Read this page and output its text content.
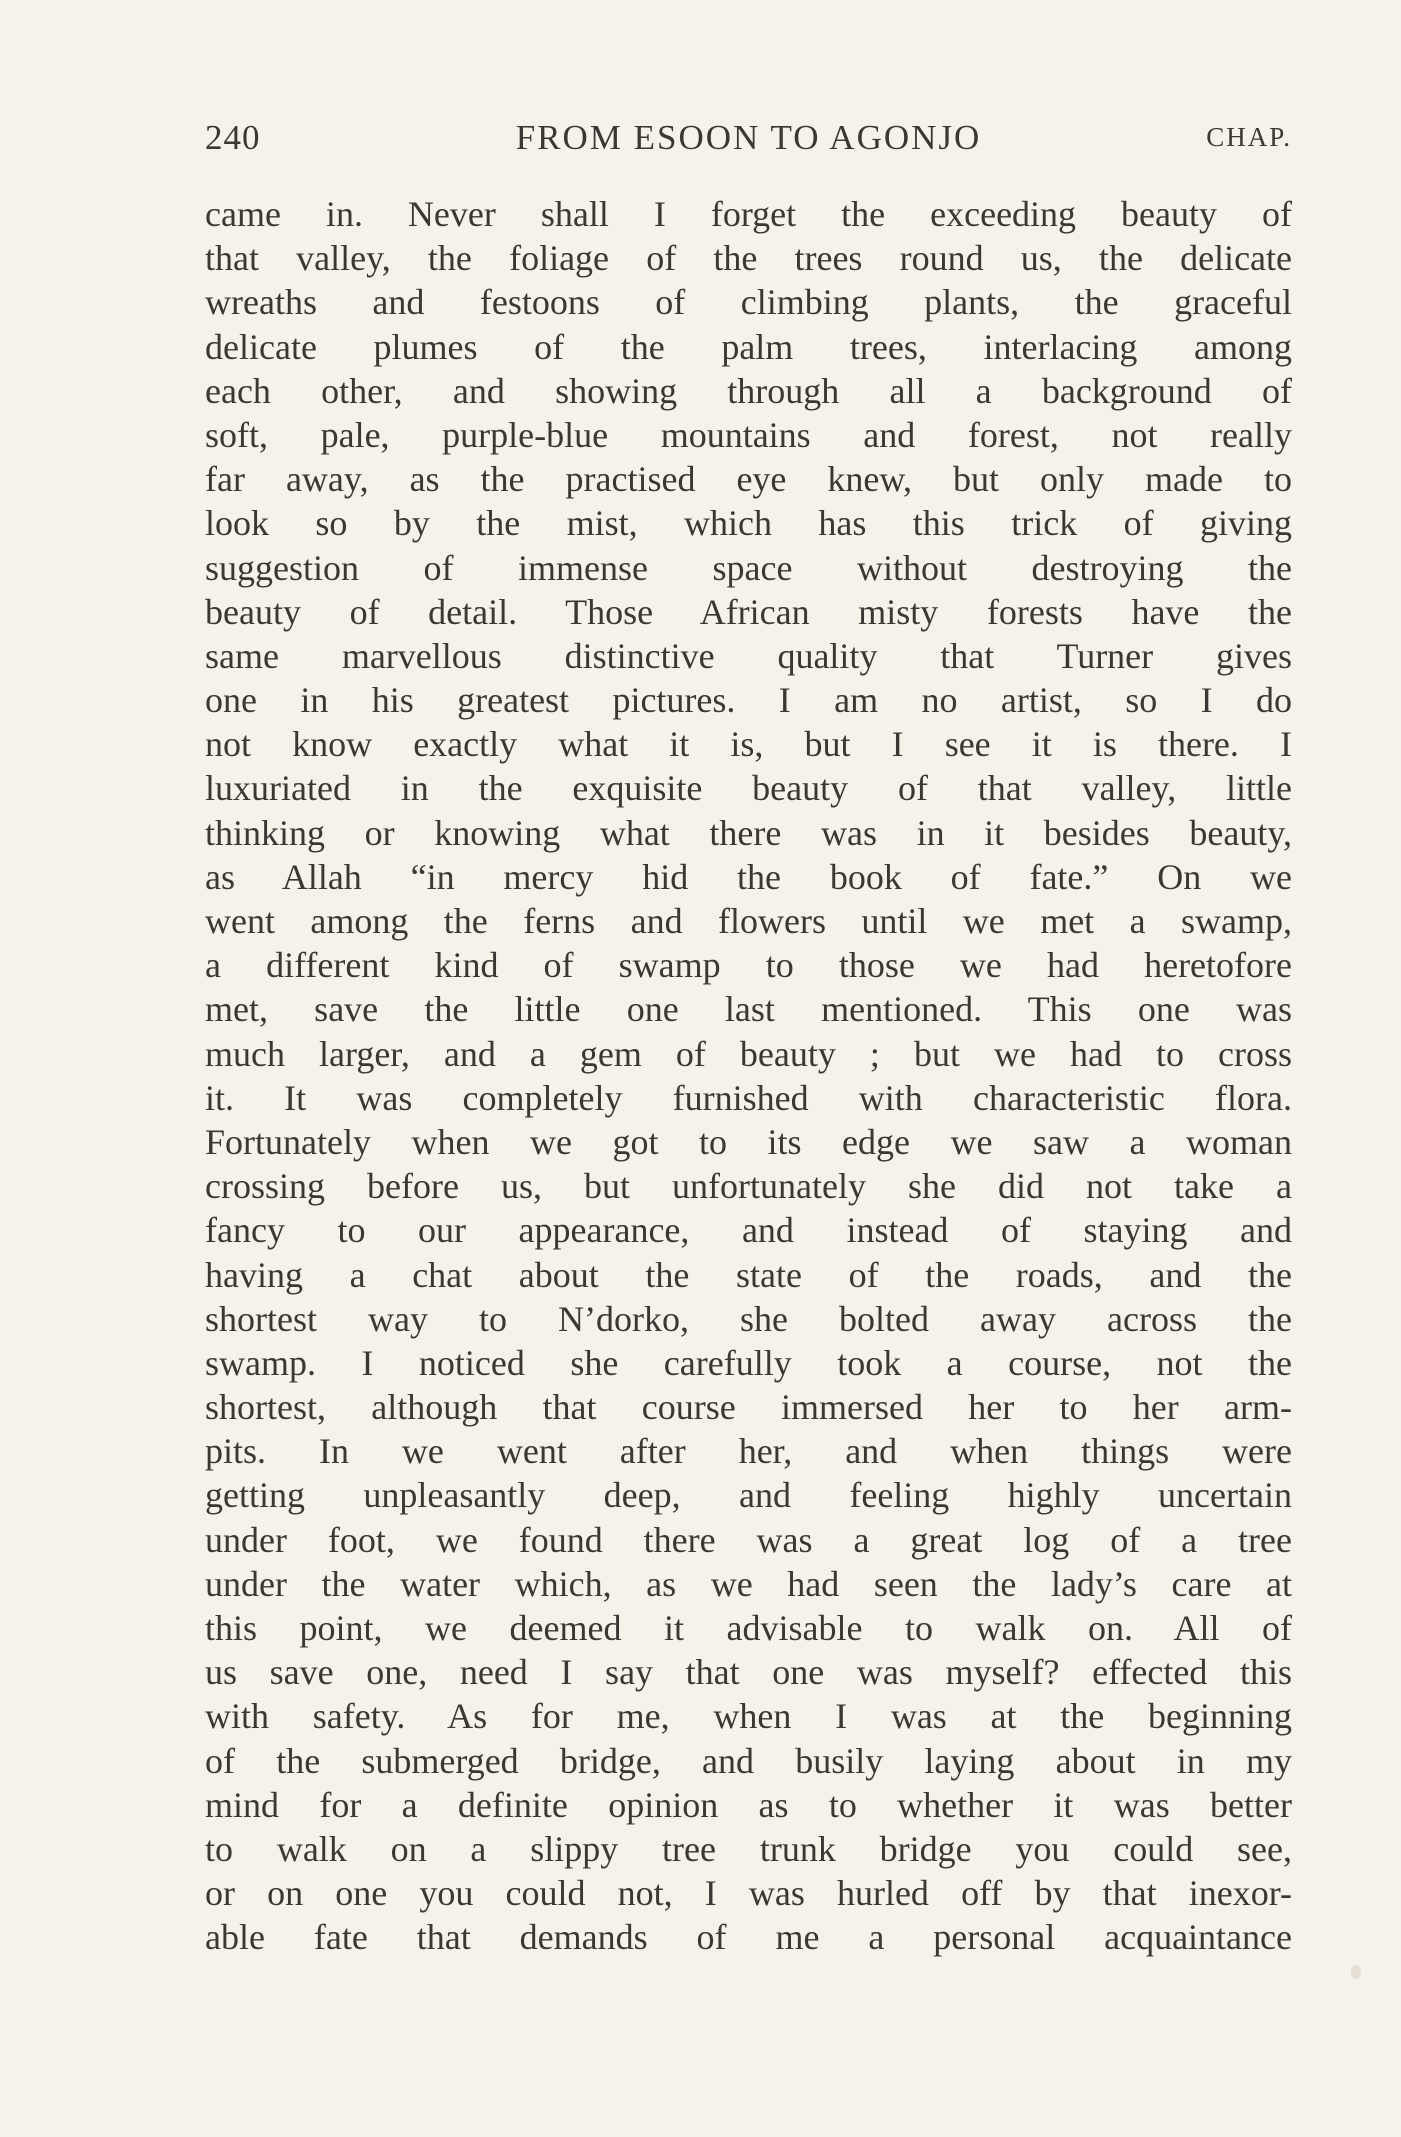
240	FROM ESOON TO AGONJO	CHAP.
came in. Never shall I forget the exceeding beauty of
that valley, the foliage of the trees round us, the delicate
wreaths and festoons of climbing plants, the graceful
delicate plumes of the palm trees, interlacing among
each other, and showing through all a background of
soft, pale, purple-blue mountains and forest, not really
far away, as the practised eye knew, but only made to
look so by the mist, which has this trick of giving
suggestion of immense space without destroying the
beauty of detail. Those African misty forests have the
same marvellous distinctive quality that Turner gives
one in his greatest pictures. I am no artist, so I do
not know exactly what it is, but I see it is there. I
luxuriated in the exquisite beauty of that valley, little
thinking or knowing what there was in it besides beauty,
as Allah “in mercy hid the book of fate.” On we
went among the ferns and flowers until we met a swamp,
a different kind of swamp to those we had heretofore
met, save the little one last mentioned. This one was
much larger, and a gem of beauty ; but we had to cross
it. It was completely furnished with characteristic flora.
Fortunately when we got to its edge we saw a woman
crossing before us, but unfortunately she did not take a
fancy to our appearance, and instead of staying and
having a chat about the state of the roads, and the
shortest way to N’dorko, she bolted away across the
swamp. I noticed she carefully took a course, not the
shortest, although that course immersed her to her arm-
pits. In we went after her, and when things were
getting unpleasantly deep, and feeling highly uncertain
under foot, we found there was a great log of a tree
under the water which, as we had seen the lady’s care at
this point, we deemed it advisable to walk on. All of
us save one, need I say that one was myself? effected this
with safety. As for me, when I was at the beginning
of the submerged bridge, and busily laying about in my
mind for a definite opinion as to whether it was better
to walk on a slippy tree trunk bridge you could see,
or on one you could not, I was hurled off by that inexor-
able fate that demands of me a personal acquaintance
